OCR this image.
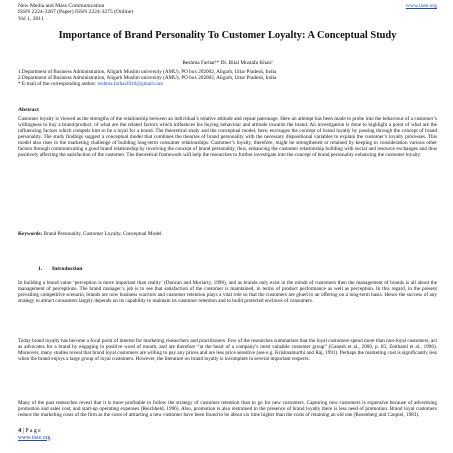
New Media and Mass Communication
ISSN 2224-3267 (Paper) ISSN 2224-3275 (Online)
Vol 1, 2011
www.iiste.org
Importance of Brand Personality To Customer Loyalty: A Conceptual Study
Reshma Farhat¹* Dr. Bilal Mustafa Khan²
1.Department of Business Administration, Aligarh Muslim university (AMU), PO box 202002, Aligarh, Uttar Pradesh, India
2.Department of Business Administration, Aligarh Muslim university (AMU), PO box 202002, Aligarh, Uttar Pradesh, India
* E-mail of the corresponding author: reshma.farhat2010@gmail.com
Abstract
Customer loyalty is viewed as the strengths of the relationship between an individual’s relative attitude and repeat patronage. Here an attempt has been made to probe into the behaviour of a customer’s willingness to buy a brand/product, of what are the related factors which influences his buying behaviour and attitude towards the brand. An investigation is done to highlight a point of what are the influencing factors which compels him to be a loyal for a brand. The theoretical study and the conceptual model, here, envisages the concept of brand loyalty by passing through the concept of brand personality. The study findings suggest a conceptual model that combines the theories of brand personality with the necessary dispositional variables to explain the customer’s loyalty processes. This model also rises to the marketing challenge of building long-term consumer relationships. Customer’s loyalty, therefore, might be strengthened or retained by keeping in consideration various other factors through communicating a good brand relationship by involving the concept of brand personality, thus, enhancing the customer relationship building with social and resource exchanges and thus positively affecting the satisfaction of the customer. The theoretical framework will help the researches to further investigate into the concept of brand personality enhancing the customer loyalty.
Keywords: Brand Personality, Customer Loyalty, Conceptual Model
1. Introduction
In building a brand value ‘perception is more important than reality’ (Duncan and Moriarty, 1998), and as brands only exist in the minds of customers then the management of brands is all about the management of perceptions. The brand manager’s job is to see that satisfaction of the customer is maintained, in terms of product performance as well as perception. In this regard, in the present prevailing competitive scenario, brands are now business warriors and customer retention plays a vital role so that the customers are glued to an offering on a long-term basis. Hence the success of any strategy to attract consumers largely depends on its capability to maintain its customer retention and to build protected enclaves of consumers.
Today brand loyalty has become a focal point of interest for marketing researchers and practitioners. Few of the researches summarises that the loyal customers spend more than non-loyal customers, act as advocates for a brand by engaging in positive word of mouth, and are therefore “at the heart of a company’s most valuable customer group” (Ganesh et al., 2000, p. 65; Zeithaml et al., 1996). Moreover, many studies reveal that brand loyal customers are willing to pay any prices and are less price sensitive (see e.g. Krishnamurthi and Raj, 1991). Perhaps the marketing cost is significantly less when the brand enjoys a large group of loyal customers. However, the literature on brand loyalty is incomplete in several important respects.
Many of the past researches reveal that it is more profitable to follow the strategy of customer retention than to go for new customers. Capturing new customers is expensive because of advertising promotion and sales cost, and start-up operating expenses (Reichheld, 1996). Also, promotion is also restrained in the presence of brand loyalty there is less need of promotion. Brand loyal customers reduce the marketing costs of the firm as the costs of attracting a new customer have been found to be about six time higher than the costs of retaining an old one (Rosenberg and Czepiel, 1983).
4 | P a g e
www.iiste.org
